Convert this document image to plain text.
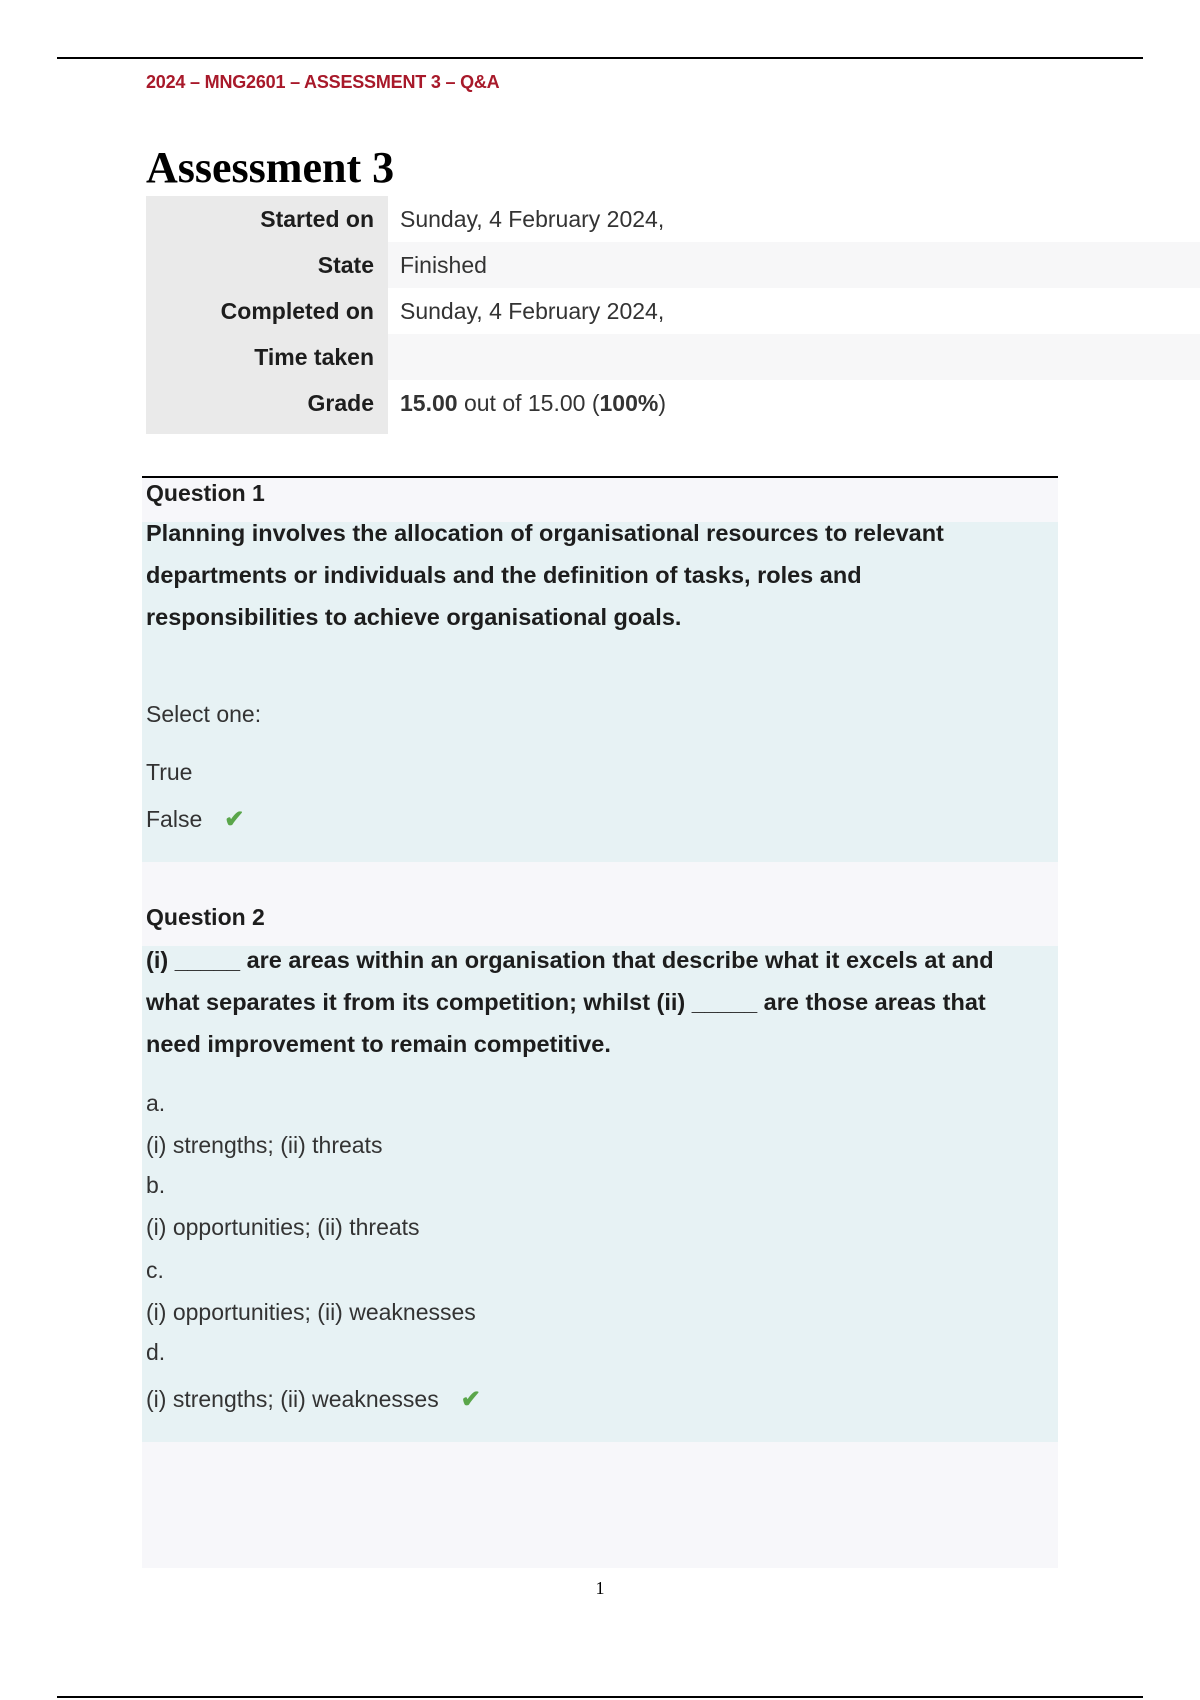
2024 – MNG2601 – ASSESSMENT 3 – Q&A
Assessment 3
Started on Sunday, 4 February 2024,
State Finished
Completed on Sunday, 4 February 2024,
Time taken
Grade 15.00 out of 15.00 (100%)
Question 1
Planning involves the allocation of organisational resources to relevant
departments or individuals and the definition of tasks, roles and
responsibilities to achieve organisational goals.
Select one:
True
False ✔
Question 2
(i) _____ are areas within an organisation that describe what it excels at and
what separates it from its competition; whilst (ii) _____ are those areas that
need improvement to remain competitive.
a.
(i) strengths; (ii) threats
b.
(i) opportunities; (ii) threats
c.
(i) opportunities; (ii) weaknesses
d.
(i) strengths; (ii) weaknesses ✔
1
